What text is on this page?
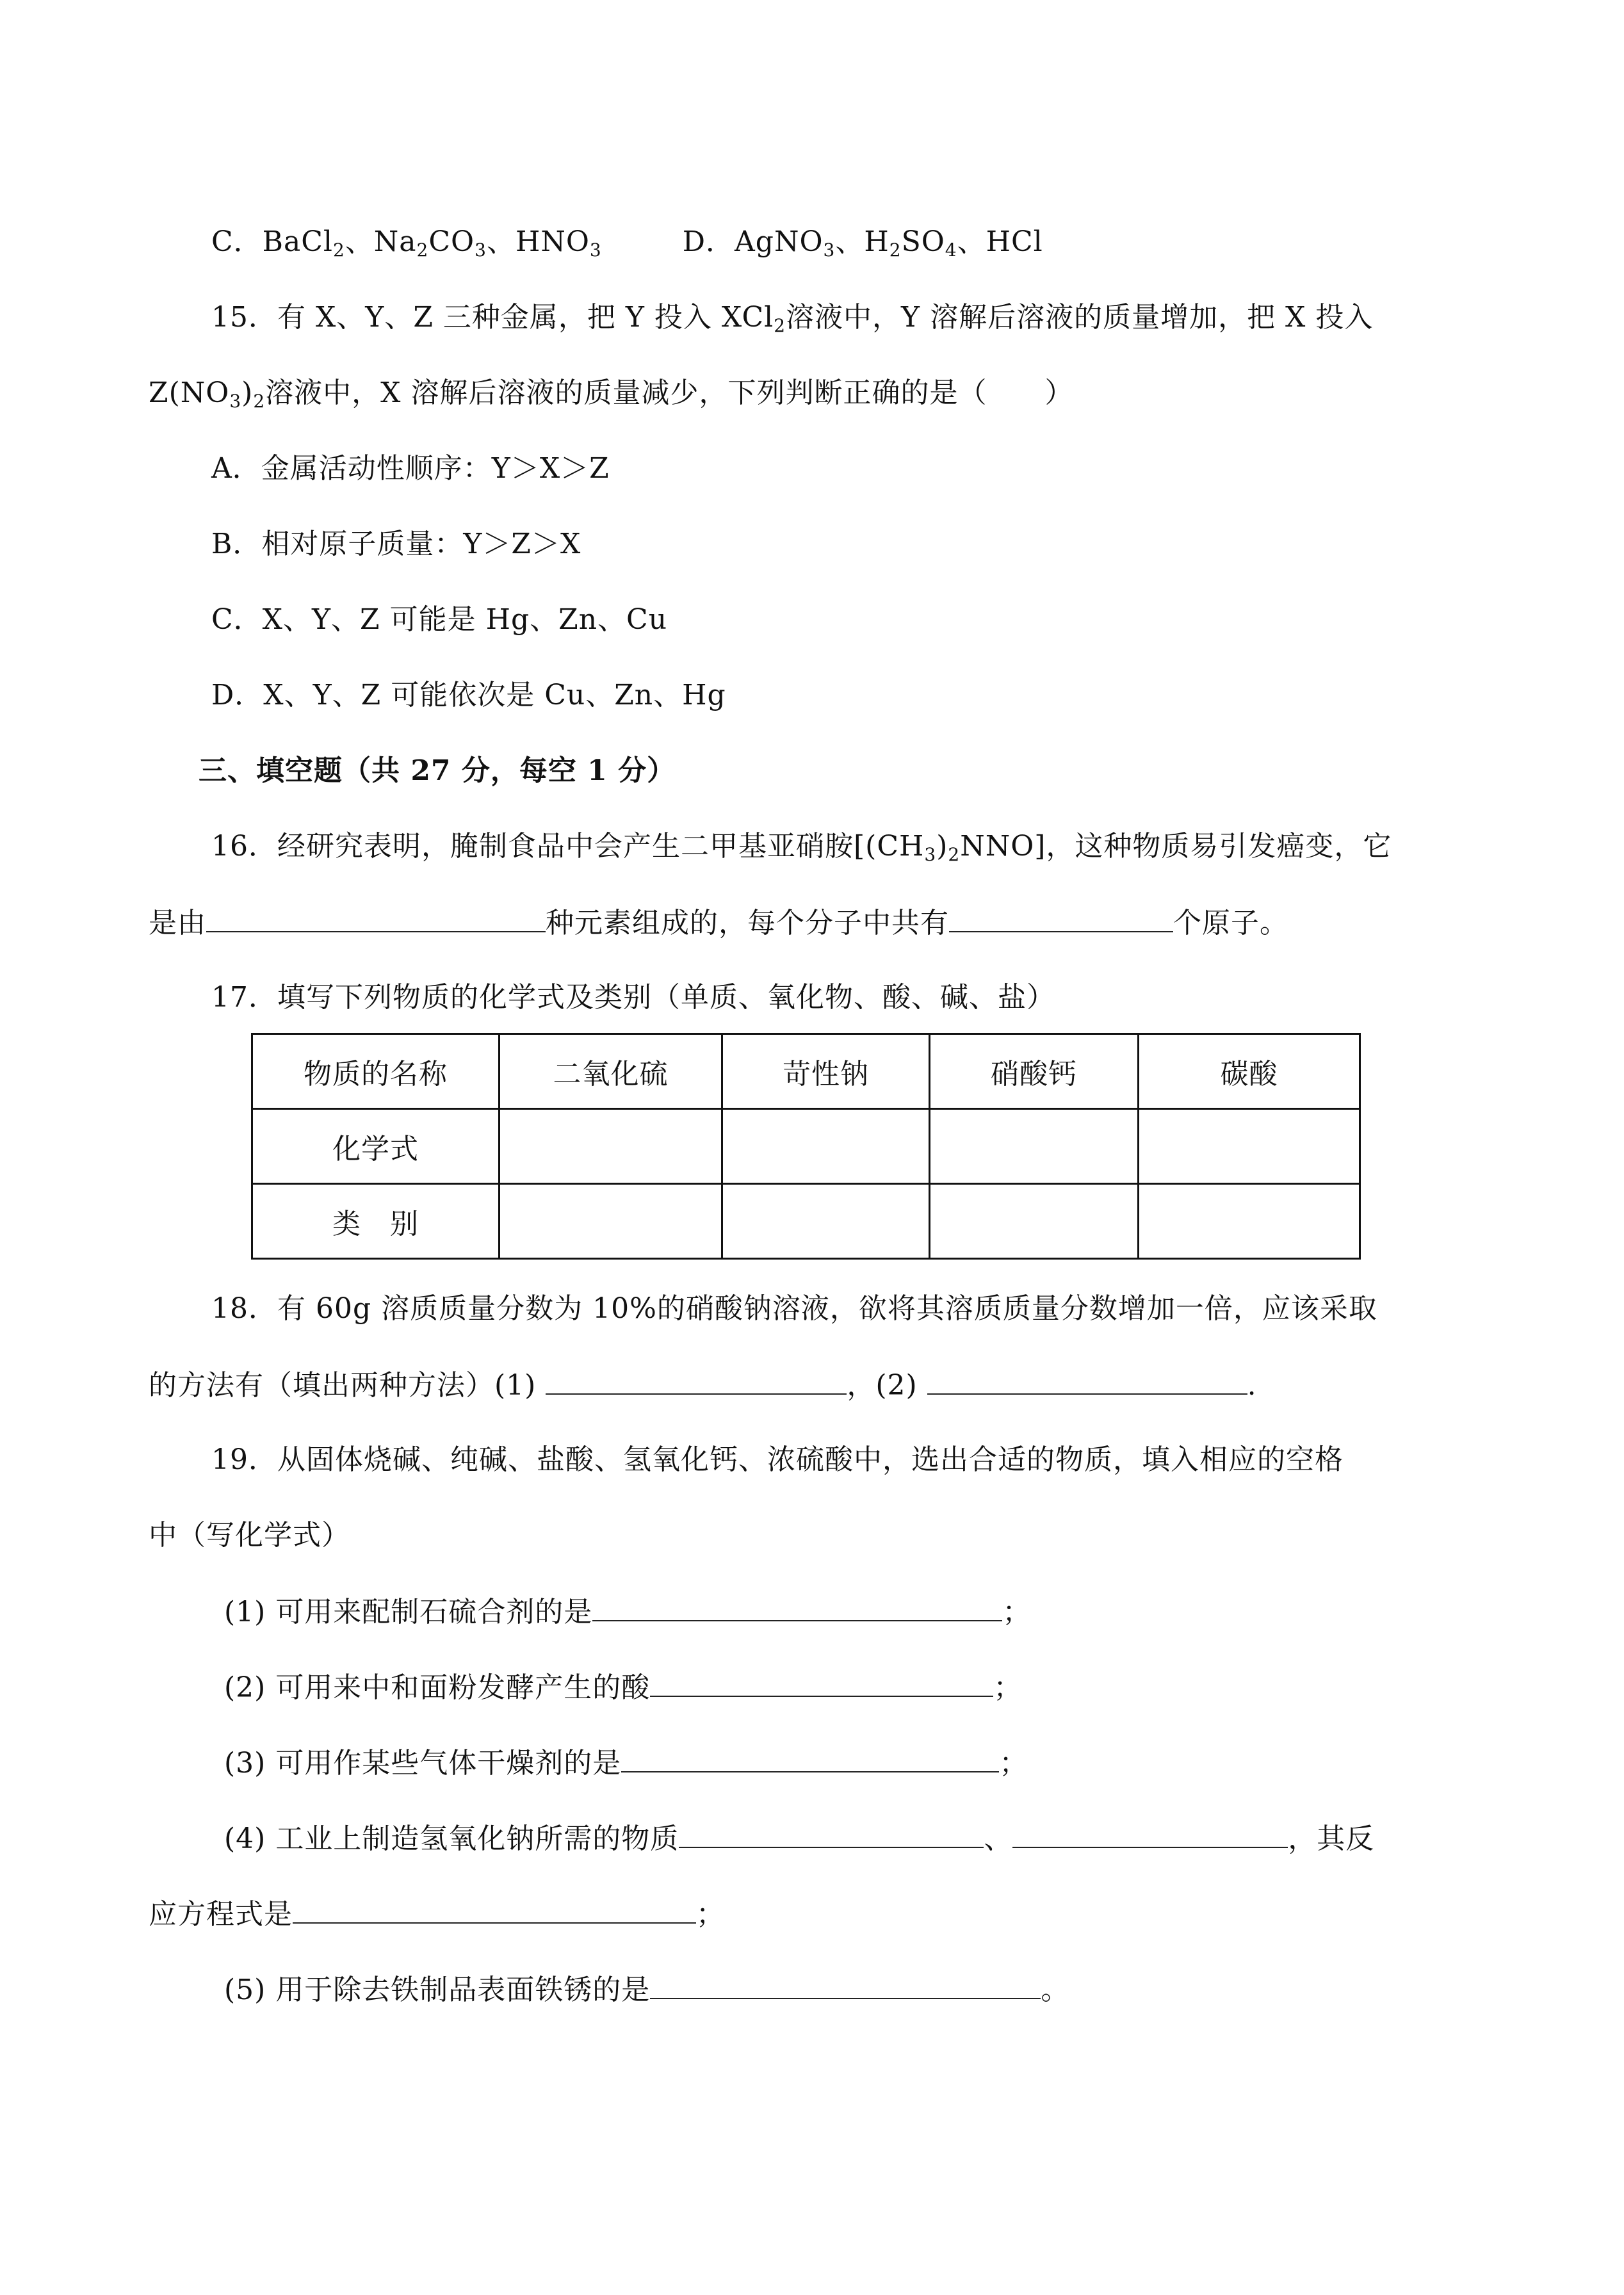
C．BaCl$_2$、$Na_2CO_3$、$HNO_3$	D．AgNO$_3$、$H_2SO_4$、HCl
15．有 X、Y、Z 三种金属，把 Y 投入 XCl$_2$溶液中，Y 溶解后溶液的质量增加，把 X 投入
$Z(NO_3)_2$溶液中，X 溶解后溶液的质量减少，下列判断正确的是（　　）
A．金属活动性顺序：Y＞X＞Z
B．相对原子质量：Y＞Z＞X
C．X、Y、Z 可能是 Hg、Zn、Cu
D．X、Y、Z 可能依次是 Cu、Zn、Hg
三、填空题（共 27 分，每空 1 分）
16．经研究表明，腌制食品中会产生二甲基亚硝胺$[(CH_3)_2NNO]$，这种物质易引发癌变，它
是由	种元素组成的，每个分子中共有	个原子。
17．填写下列物质的化学式及类别（单质、氧化物、酸、碱、盐）
物质的名称	二氧化硫	苛性钠	硝酸钙	碳酸
化学式				
类　别				
18．有 60g 溶质质量分数为 10%的硝酸钠溶液，欲将其溶质质量分数增加一倍，应该采取
的方法有（填出两种方法）(1)	，(2)	.
19．从固体烧碱、纯碱、盐酸、氢氧化钙、浓硫酸中，选出合适的物质，填入相应的空格
中（写化学式）
(1) 可用来配制石硫合剂的是	；
(2) 可用来中和面粉发酵产生的酸	；
(3) 可用作某些气体干燥剂的是	；
(4) 工业上制造氢氧化钠所需的物质	、	，其反
应方程式是	；
(5) 用于除去铁制品表面铁锈的是	。
